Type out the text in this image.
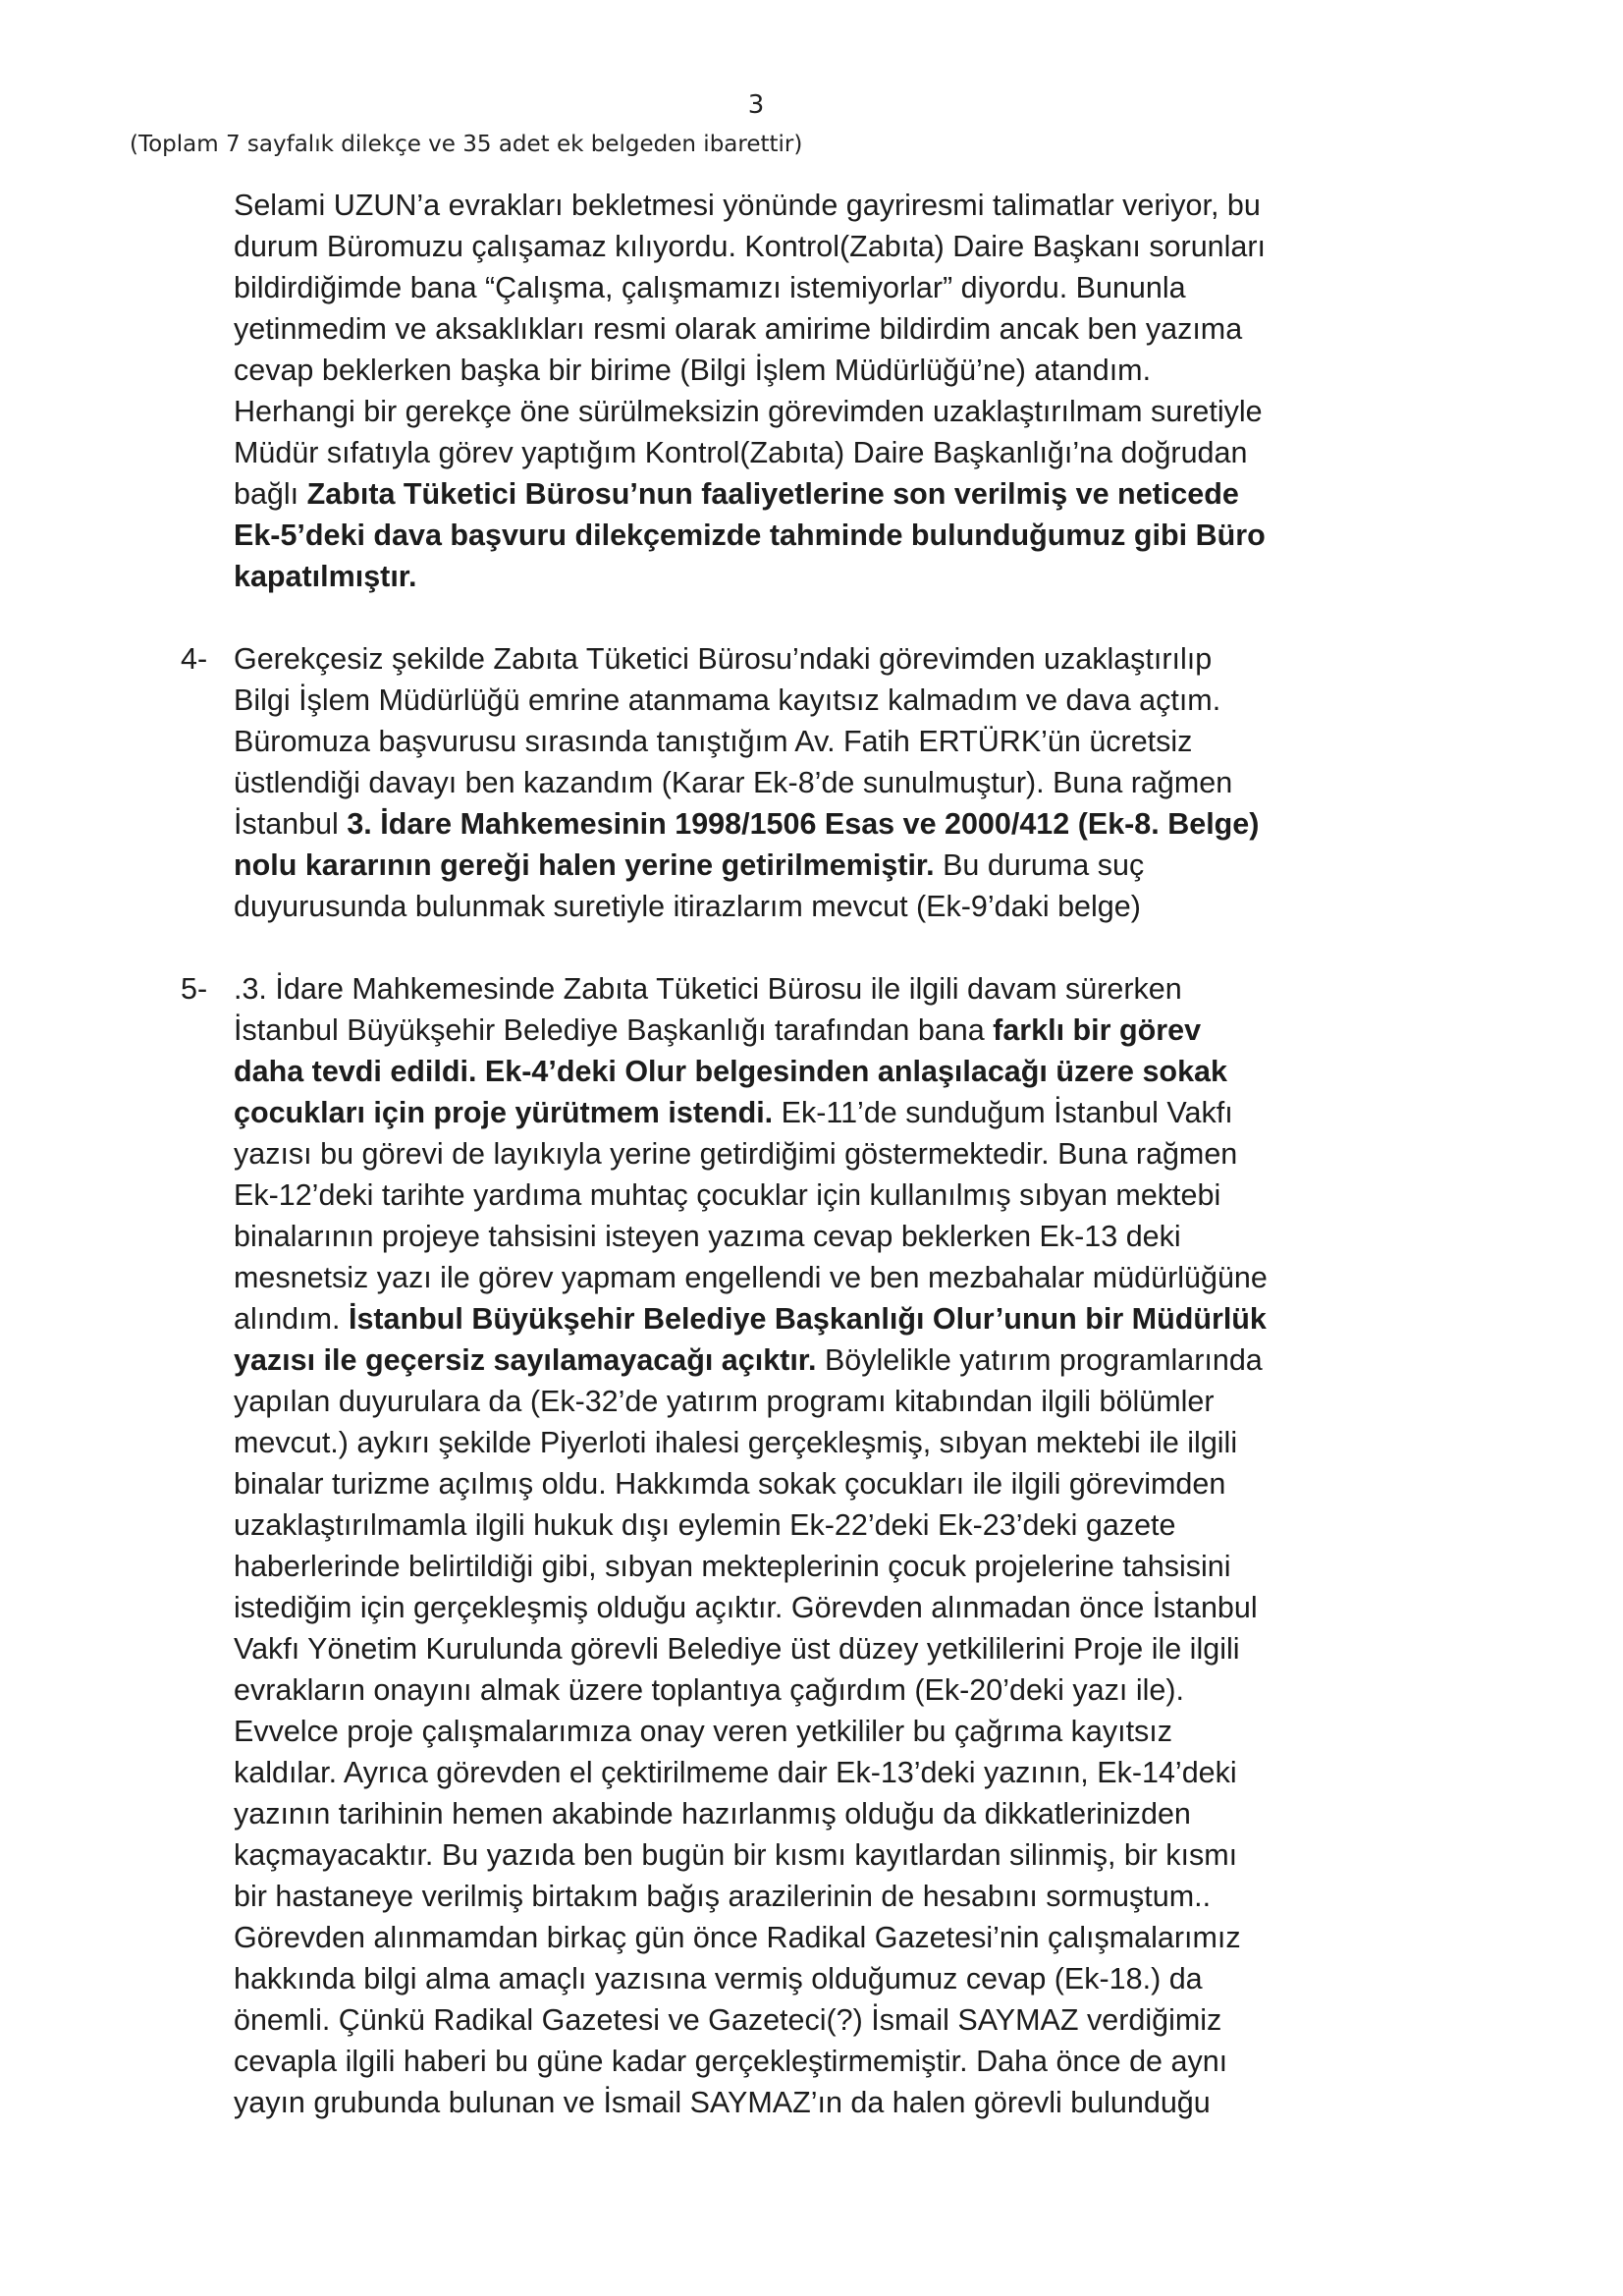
3
(Toplam 7 sayfalık dilekçe ve 35 adet ek belgeden ibarettir)
Selami UZUN’a evrakları bekletmesi yönünde gayriresmi talimatlar veriyor, bu
durum Büromuzu çalışamaz kılıyordu. Kontrol(Zabıta) Daire Başkanı sorunları
bildirdiğimde bana “Çalışma, çalışmamızı istemiyorlar” diyordu. Bununla
yetinmedim ve aksaklıkları resmi olarak amirime bildirdim ancak ben yazıma
cevap beklerken başka bir birime (Bilgi İşlem Müdürlüğü’ne) atandım.
Herhangi bir gerekçe öne sürülmeksizin görevimden uzaklaştırılmam suretiyle
Müdür sıfatıyla görev yaptığım Kontrol(Zabıta) Daire Başkanlığı’na doğrudan
bağlı Zabıta Tüketici Bürosu’nun faaliyetlerine son verilmiş ve neticede
Ek-5’deki dava başvuru dilekçemizde tahminde bulunduğumuz gibi Büro
kapatılmıştır.
4- Gerekçesiz şekilde Zabıta Tüketici Bürosu’ndaki görevimden uzaklaştırılıp
Bilgi İşlem Müdürlüğü emrine atanmama kayıtsız kalmadım ve dava açtım.
Büromuza başvurusu sırasında tanıştığım Av. Fatih ERTÜRK’ün ücretsiz
üstlendiği davayı ben kazandım (Karar Ek-8’de sunulmuştur). Buna rağmen
İstanbul 3. İdare Mahkemesinin 1998/1506 Esas ve 2000/412 (Ek-8. Belge)
nolu kararının gereği halen yerine getirilmemiştir. Bu duruma suç
duyurusunda bulunmak suretiyle itirazlarım mevcut (Ek-9’daki belge)
5- .3. İdare Mahkemesinde Zabıta Tüketici Bürosu ile ilgili davam sürerken
İstanbul Büyükşehir Belediye Başkanlığı tarafından bana farklı bir görev
daha tevdi edildi. Ek-4’deki Olur belgesinden anlaşılacağı üzere sokak
çocukları için proje yürütmem istendi. Ek-11’de sunduğum İstanbul Vakfı
yazısı bu görevi de layıkıyla yerine getirdiğimi göstermektedir. Buna rağmen
Ek-12’deki tarihte yardıma muhtaç çocuklar için kullanılmış sıbyan mektebi
binalarının projeye tahsisini isteyen yazıma cevap beklerken Ek-13 deki
mesnetsiz yazı ile görev yapmam engellendi ve ben mezbahalar müdürlüğüne
alındım. İstanbul Büyükşehir Belediye Başkanlığı Olur’unun bir Müdürlük
yazısı ile geçersiz sayılamayacağı açıktır. Böylelikle yatırım programlarında
yapılan duyurulara da (Ek-32’de yatırım programı kitabından ilgili bölümler
mevcut.) aykırı şekilde Piyerloti ihalesi gerçekleşmiş, sıbyan mektebi ile ilgili
binalar turizme açılmış oldu. Hakkımda sokak çocukları ile ilgili görevimden
uzaklaştırılmamla ilgili hukuk dışı eylemin Ek-22’deki Ek-23’deki gazete
haberlerinde belirtildiği gibi, sıbyan mekteplerinin çocuk projelerine tahsisini
istediğim için gerçekleşmiş olduğu açıktır. Görevden alınmadan önce İstanbul
Vakfı Yönetim Kurulunda görevli Belediye üst düzey yetkililerini Proje ile ilgili
evrakların onayını almak üzere toplantıya çağırdım (Ek-20’deki yazı ile).
Evvelce proje çalışmalarımıza onay veren yetkililer bu çağrıma kayıtsız
kaldılar. Ayrıca görevden el çektirilmeme dair Ek-13’deki yazının, Ek-14’deki
yazının tarihinin hemen akabinde hazırlanmış olduğu da dikkatlerinizden
kaçmayacaktır. Bu yazıda ben bugün bir kısmı kayıtlardan silinmiş, bir kısmı
bir hastaneye verilmiş birtakım bağış arazilerinin de hesabını sormuştum..
Görevden alınmamdan birkaç gün önce Radikal Gazetesi’nin çalışmalarımız
hakkında bilgi alma amaçlı yazısına vermiş olduğumuz cevap (Ek-18.) da
önemli. Çünkü Radikal Gazetesi ve Gazeteci(?) İsmail SAYMAZ verdiğimiz
cevapla ilgili haberi bu güne kadar gerçekleştirmemiştir. Daha önce de aynı
yayın grubunda bulunan ve İsmail SAYMAZ’ın da halen görevli bulunduğu
